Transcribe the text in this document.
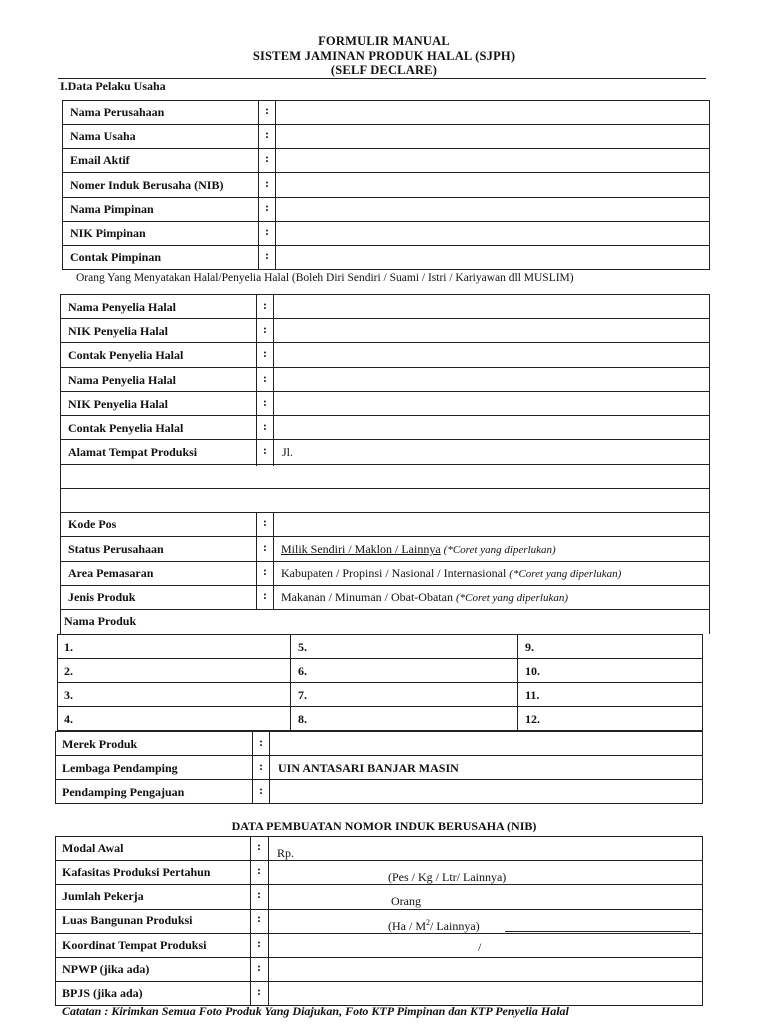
FORMULIR MANUAL
SISTEM JAMINAN PRODUK HALAL (SJPH)
(SELF DECLARE)
I.Data Pelaku Usaha
Nama Perusahaan
Nama Usaha
Email Aktif
Nomer Induk Berusaha (NIB)
Nama Pimpinan
NIK Pimpinan
Contak Pimpinan
:
:
:
:
:
:
:
Orang Yang Menyatakan Halal/Penyelia Halal (Boleh Diri Sendiri / Suami / Istri / Kariyawan dll MUSLIM)
Nama Penyelia Halal
NIK Penyelia Halal
Contak Penyelia Halal
Nama Penyelia Halal
NIK Penyelia Halal
Contak Penyelia Halal
Alamat Tempat Produksi
:
:
:
:
:
:
: Jl.
Kode Pos
Status Perusahaan
Area Pemasaran
Jenis Produk
:
:
:
:
Milik Sendiri / Maklon / Lainnya (*Coret yang diperlukan)
Kabupaten / Propinsi / Nasional / Internasional (*Coret yang diperlukan)
Makanan / Minuman / Obat-Obatan (*Coret yang diperlukan)
Nama Produk
1.
2.
3.
4.
5.
6.
7.
8.
9.
10.
11.
12.
Merek Produk
Lembaga Pendamping
Pendamping Pengajuan
:
:
:
UIN ANTASARI BANJAR MASIN
DATA PEMBUATAN NOMOR INDUK BERUSAHA (NIB)
Modal Awal
Kafasitas Produksi Pertahun
Jumlah Pekerja
Luas Bangunan Produksi
Koordinat Tempat Produksi
NPWP (jika ada)
BPJS (jika ada)
:
:
:
:
:
:
:
Rp.
(Pes / Kg / Ltr/ Lainnya)
Orang
($Ha / M^2/$ Lainnya)
/
Catatan : Kirimkan Semua Foto Produk Yang Diajukan, Foto KTP Pimpinan dan KTP Penyelia Halal
